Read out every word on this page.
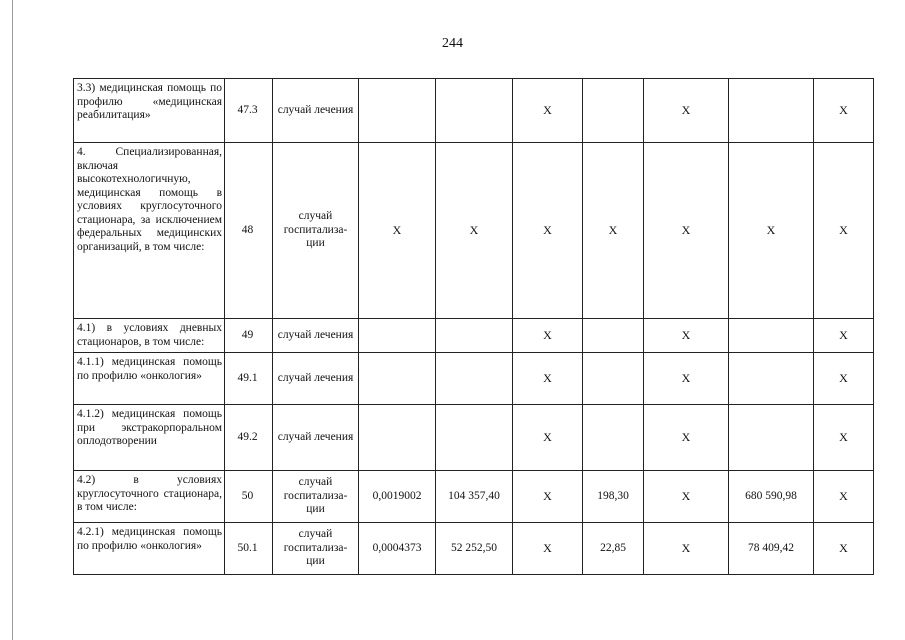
244
3.3) медицинская помощь по профилю «медицинская реабилитация»	47.3	случай лечения			X		X		X
4. Специализированная, включая высокотехнологичную, медицинская помощь в условиях круглосуточного стационара, за исключением федеральных медицинских организаций, в том числе:	48	случай госпитализа-ции	X	X	X	X	X	X	X
4.1) в условиях дневных стационаров, в том числе:	49	случай лечения			X		X		X
4.1.1) медицинская помощь по профилю «онкология»	49.1	случай лечения			X		X		X
4.1.2) медицинская помощь при экстракорпоральном оплодотворении	49.2	случай лечения			X		X		X
4.2) в условиях круглосуточного стационара, в том числе:	50	случай госпитализа-ции	0,0019002	104 357,40	X	198,30	X	680 590,98	X
4.2.1) медицинская помощь по профилю «онкология»	50.1	случай госпитализа-ции	0,0004373	52 252,50	X	22,85	X	78 409,42	X
